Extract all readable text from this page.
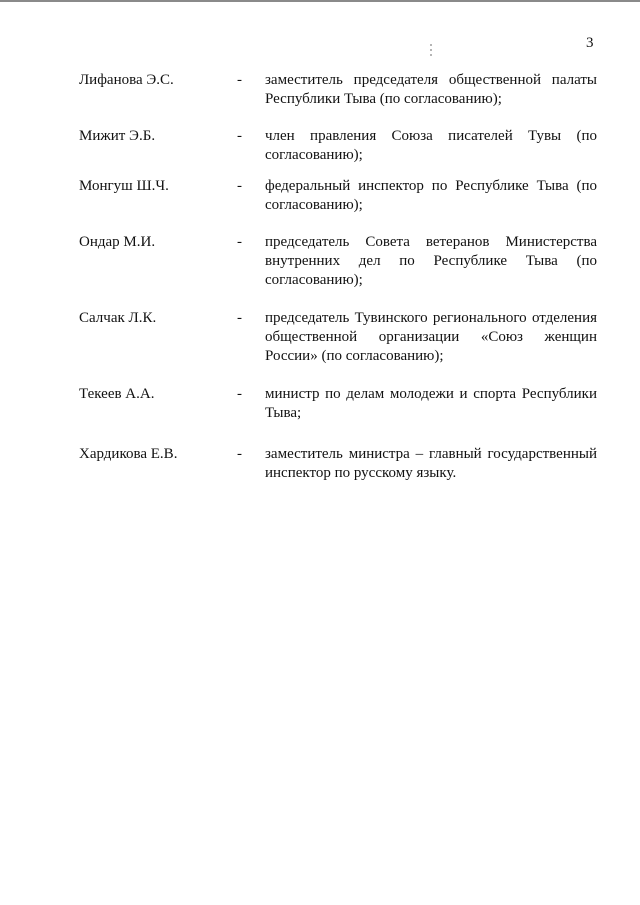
3
Лифанова Э.С.	- заместитель председателя общественной палаты Республики Тыва (по согласованию);
Мижит Э.Б.	- член правления Союза писателей Тувы (по согласованию);
Монгуш Ш.Ч.	- федеральный инспектор по Республике Тыва (по согласованию);
Ондар М.И.	- председатель Совета ветеранов Министерства внутренних дел по Республике Тыва (по согласованию);
Салчак Л.К.	- председатель Тувинского регионального отделения общественной организации «Союз женщин России» (по согласованию);
Текеев А.А.	- министр по делам молодежи и спорта Республики Тыва;
Хардикова Е.В.	- заместитель министра – главный государственный инспектор по русскому языку.
